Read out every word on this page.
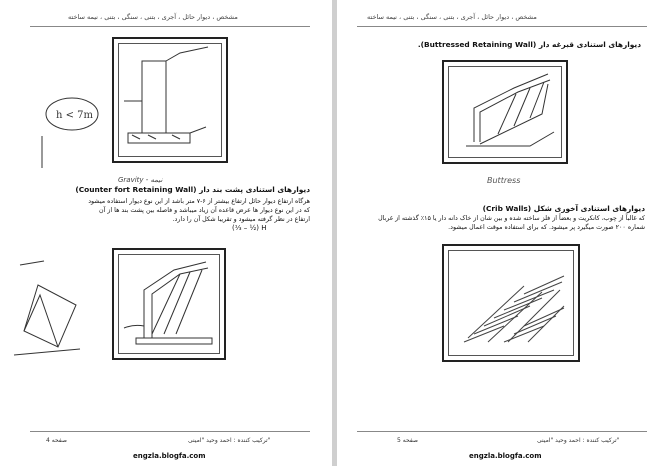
مشخص ، دیوار حائل ، آجری ، بتنی ، سنگی ، بتنی ، نیمه ساخته
h < 7m
Gravity - نیمه
دیوارهای استنادی پشت بند دار (Counter fort Retaining Wall)
هرگاه ارتفاع دیوار حائل ارتفاع بیشتر از ۶-۷ متر باشد از این نوع دیوار استفاده میشود که در این نوع دیوار ها عرض قاعده آن زیاد میباشد و فاصله بین پشت بند ها از آن ارتفاع در نظر گرفته میشود و تقریبا شکل آن را دارد.
(⅓ – ½) H
صفحه 4	ترکیب کننده : احمد وحید "امینی"
engzla.blogfa.com
مشخص ، دیوار حائل ، آجری ، بتنی ، سنگی ، بتنی ، نیمه ساخته
دیوارهای استنادی قبرغه دار (Buttressed Retaining Wall).
Buttress
دیوارهای استنادی آخوری شکل (Crib Walls)
که غالباً از چوب، کانکریت و بعضاً از فلز ساخته شده و بین شان از خاک دانه دار یا ۱۵٪ گذشته از غربال شماره ۲۰۰ صورت میگیرد پر میشود. که برای استفاده موقت اعمال میشود.
صفحه 5	ترکیب کننده : احمد وحید "امینی"
engzla.blogfa.com
